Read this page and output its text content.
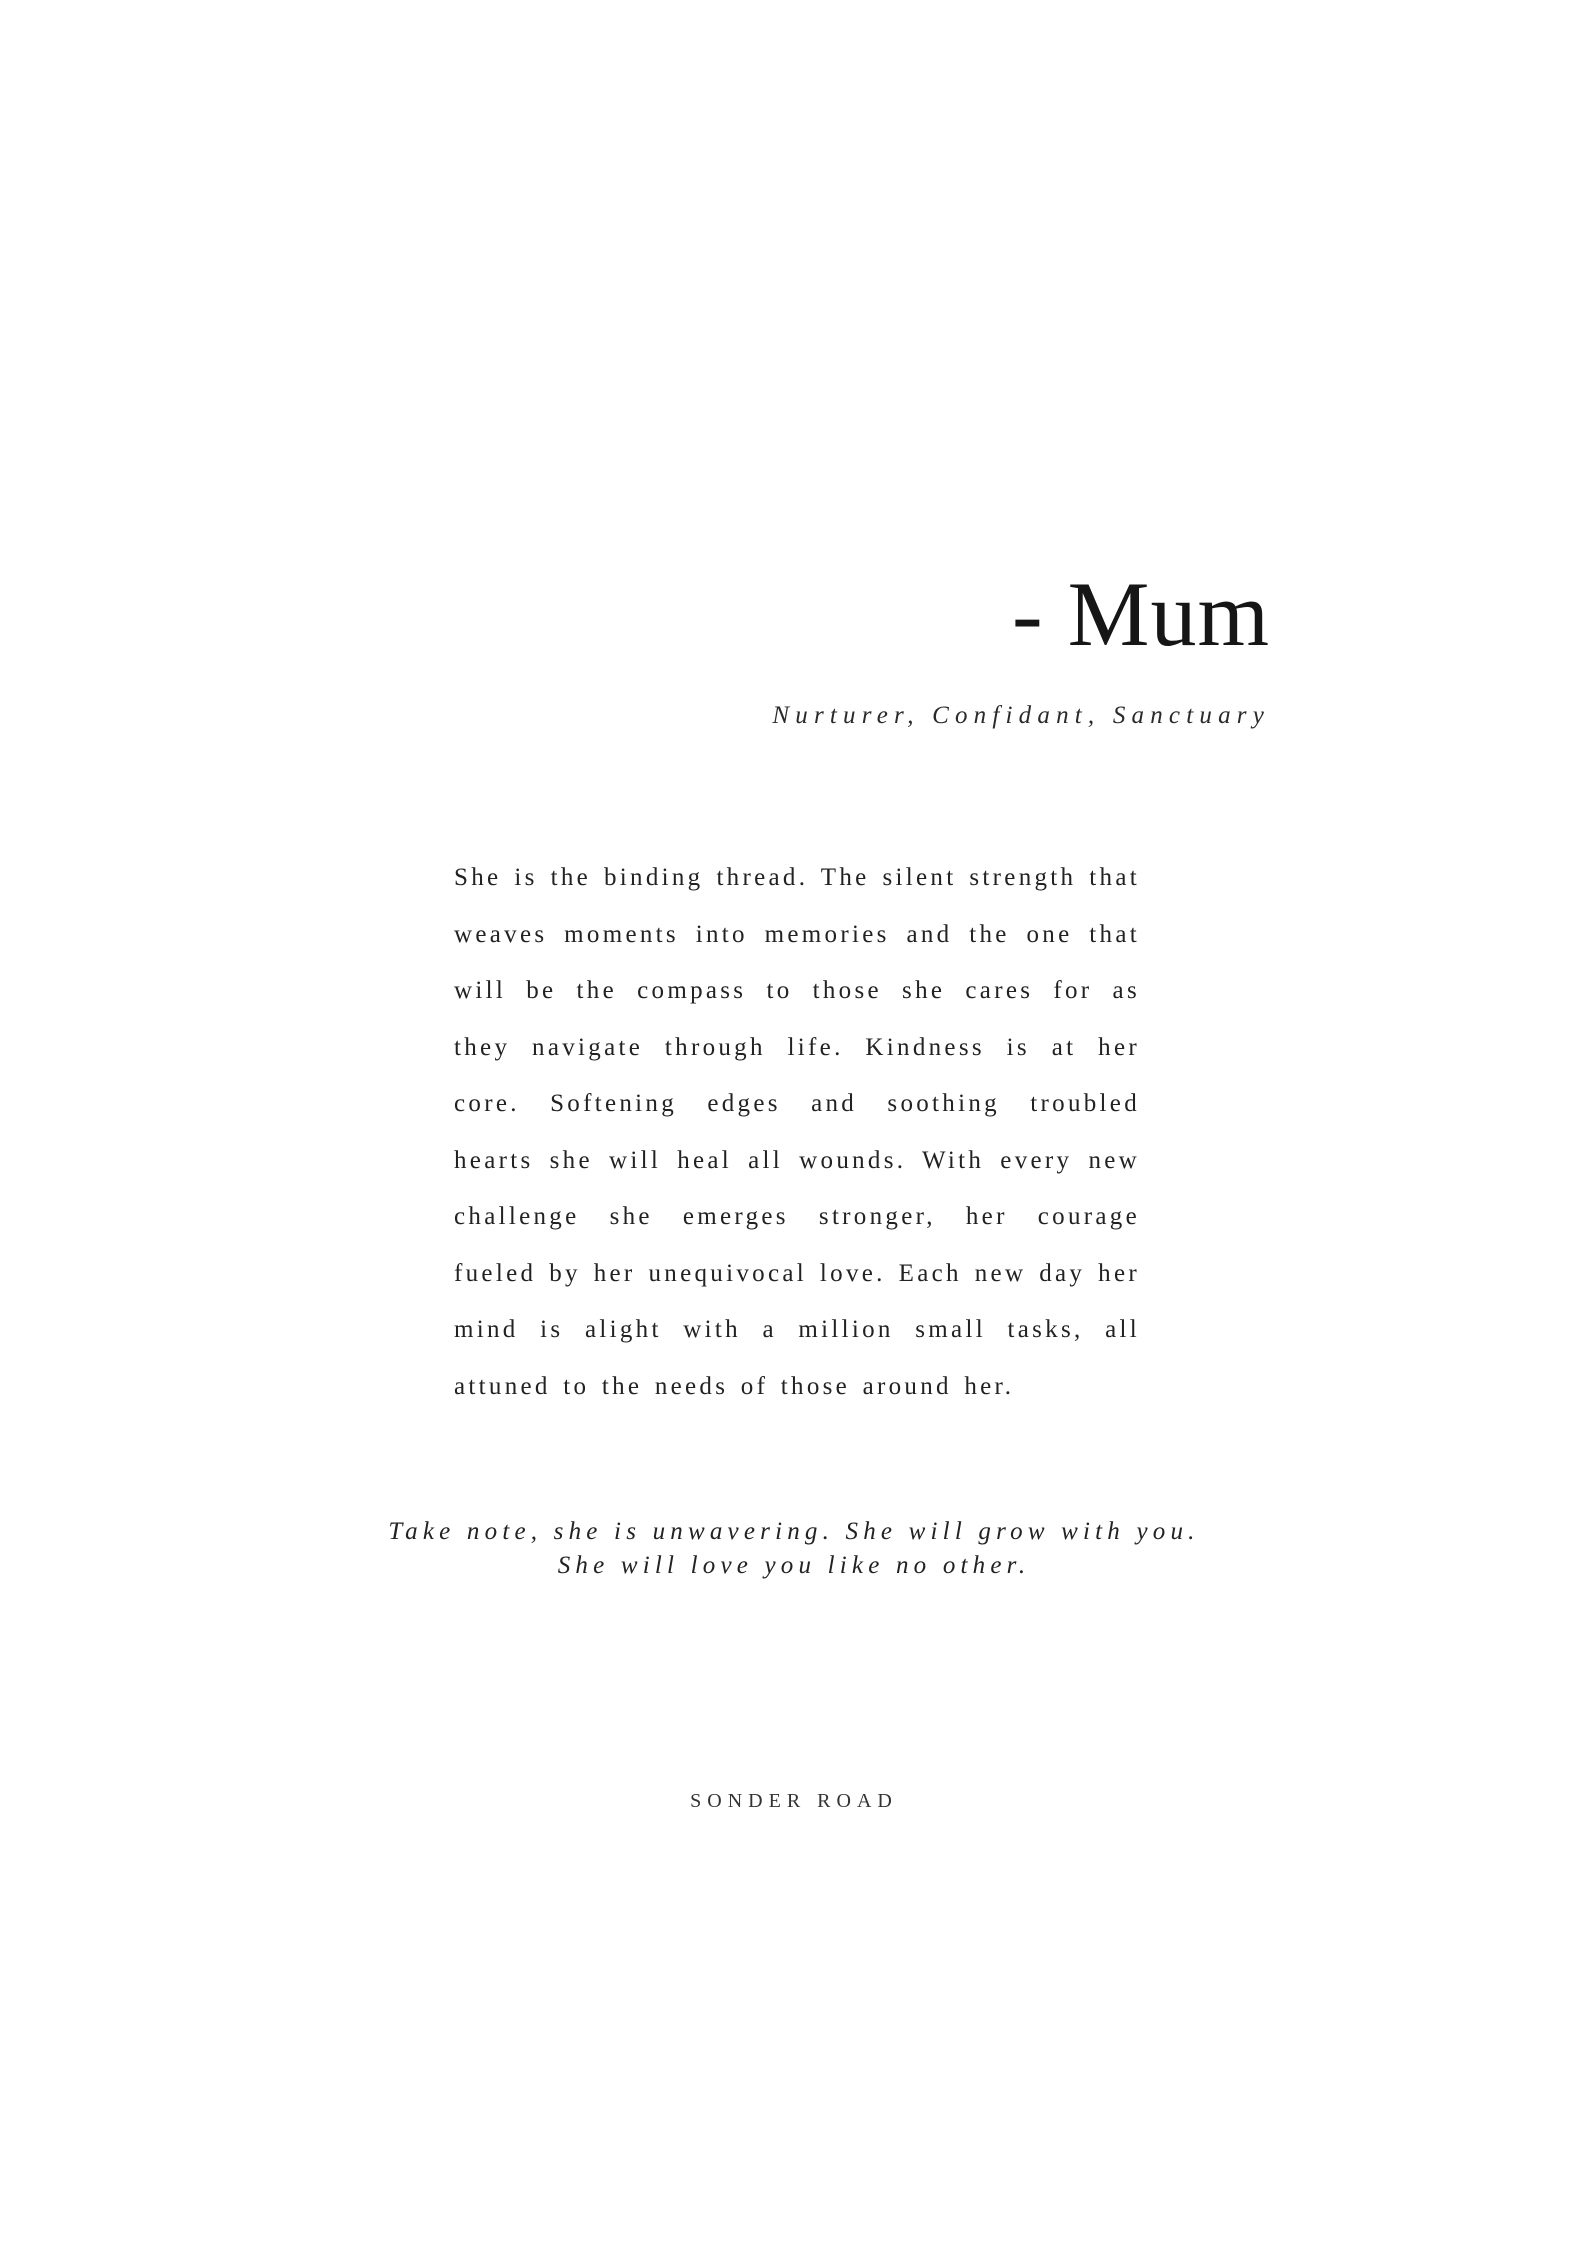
- Mum

Nurturer, Confidant, Sanctuary

She is the binding thread. The silent strength that weaves moments into memories and the one that will be the compass to those she cares for as they navigate through life. Kindness is at her core. Softening edges and soothing troubled hearts she will heal all wounds. With every new challenge she emerges stronger, her courage fueled by her unequivocal love. Each new day her mind is alight with a million small tasks, all attuned to the needs of those around her.

Take note, she is unwavering. She will grow with you.

She will love you like no other.

SONDER ROAD
